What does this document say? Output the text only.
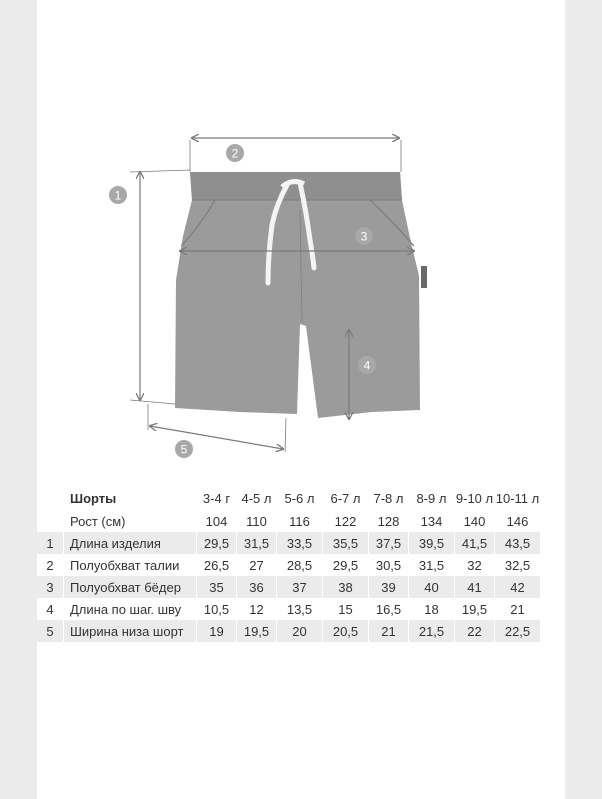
1
2
3
4
5
	Шорты	3-4 г	4-5 л	5-6 л	6-7 л	7-8 л	8-9 л	9-10 л	10-11 л
	Рост (см)	104	110	116	122	128	134	140	146
1	Длина изделия	29,5	31,5	33,5	35,5	37,5	39,5	41,5	43,5
2	Полуобхват талии	26,5	27	28,5	29,5	30,5	31,5	32	32,5
3	Полуобхват бёдер	35	36	37	38	39	40	41	42
4	Длина по шаг. шву	10,5	12	13,5	15	16,5	18	19,5	21
5	Ширина низа шорт	19	19,5	20	20,5	21	21,5	22	22,5
